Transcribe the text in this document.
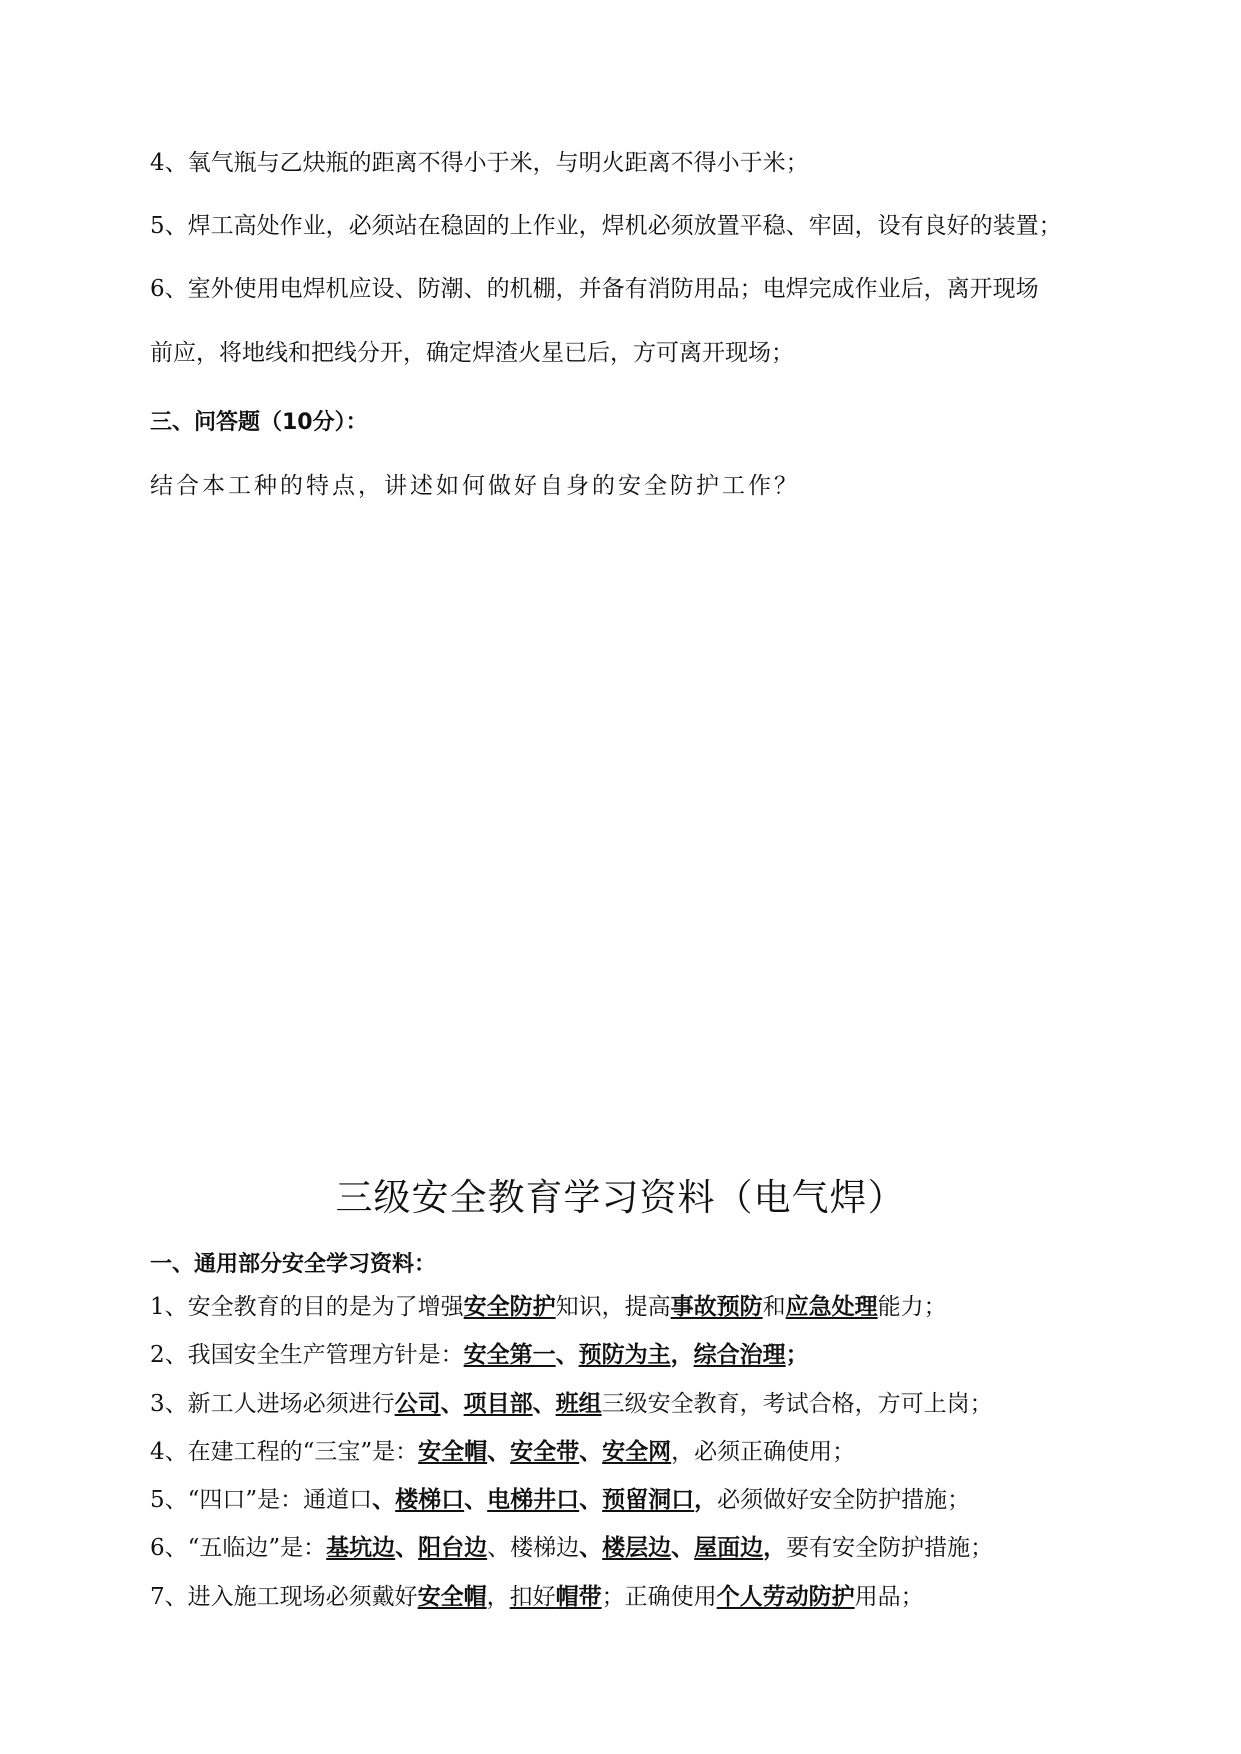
4、氧气瓶与乙炔瓶的距离不得小于米，与明火距离不得小于米；
5、焊工高处作业，必须站在稳固的上作业，焊机必须放置平稳、牢固，设有良好的装置；
6、室外使用电焊机应设、防潮、的机棚，并备有消防用品；电焊完成作业后，离开现场
前应，将地线和把线分开，确定焊渣火星已后，方可离开现场；
三、问答题（10分）：
结合本工种的特点，讲述如何做好自身的安全防护工作？
三级安全教育学习资料（电气焊）
一、通用部分安全学习资料：
1、安全教育的目的是为了增强安全防护知识，提高事故预防和应急处理能力；
2、我国安全生产管理方针是：安全第一、预防为主，综合治理；
3、新工人进场必须进行公司、项目部、班组三级安全教育，考试合格，方可上岗；
4、在建工程的“三宝”是：安全帽、安全带、安全网，必须正确使用；
5、“四口”是：通道口、楼梯口、电梯井口、预留洞口，必须做好安全防护措施；
6、“五临边”是：基坑边、阳台边、楼梯边、楼层边、屋面边，要有安全防护措施；
7、进入施工现场必须戴好安全帽，扣好帽带；正确使用个人劳动防护用品；
